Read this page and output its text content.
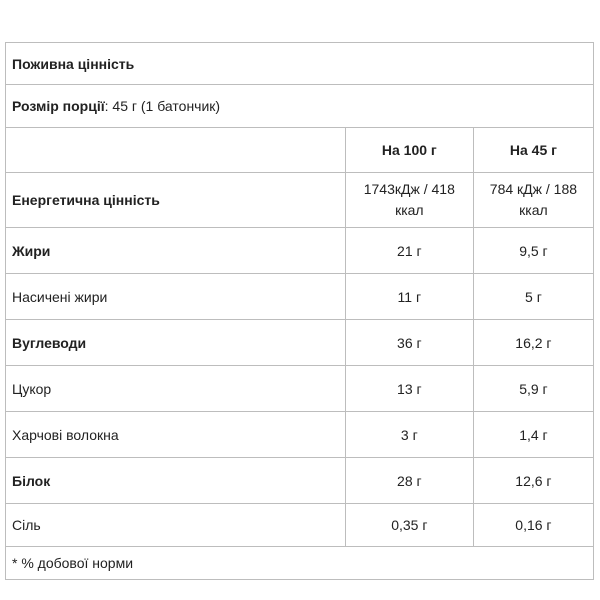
Поживна цінність		
Розмір порції: 45 г (1 батончик)		
	На 100 г	На 45 г
Енергетична цінність	1743кДж / 418 ккал	784 кДж / 188 ккал
Жири	21 г	9,5 г
Насичені жири	11 г	5 г
Вуглеводи	36 г	16,2 г
Цукор	13 г	5,9 г
Харчові волокна	3 г	1,4 г
Білок	28 г	12,6 г
Сіль	0,35 г	0,16 г
* % добової норми		
